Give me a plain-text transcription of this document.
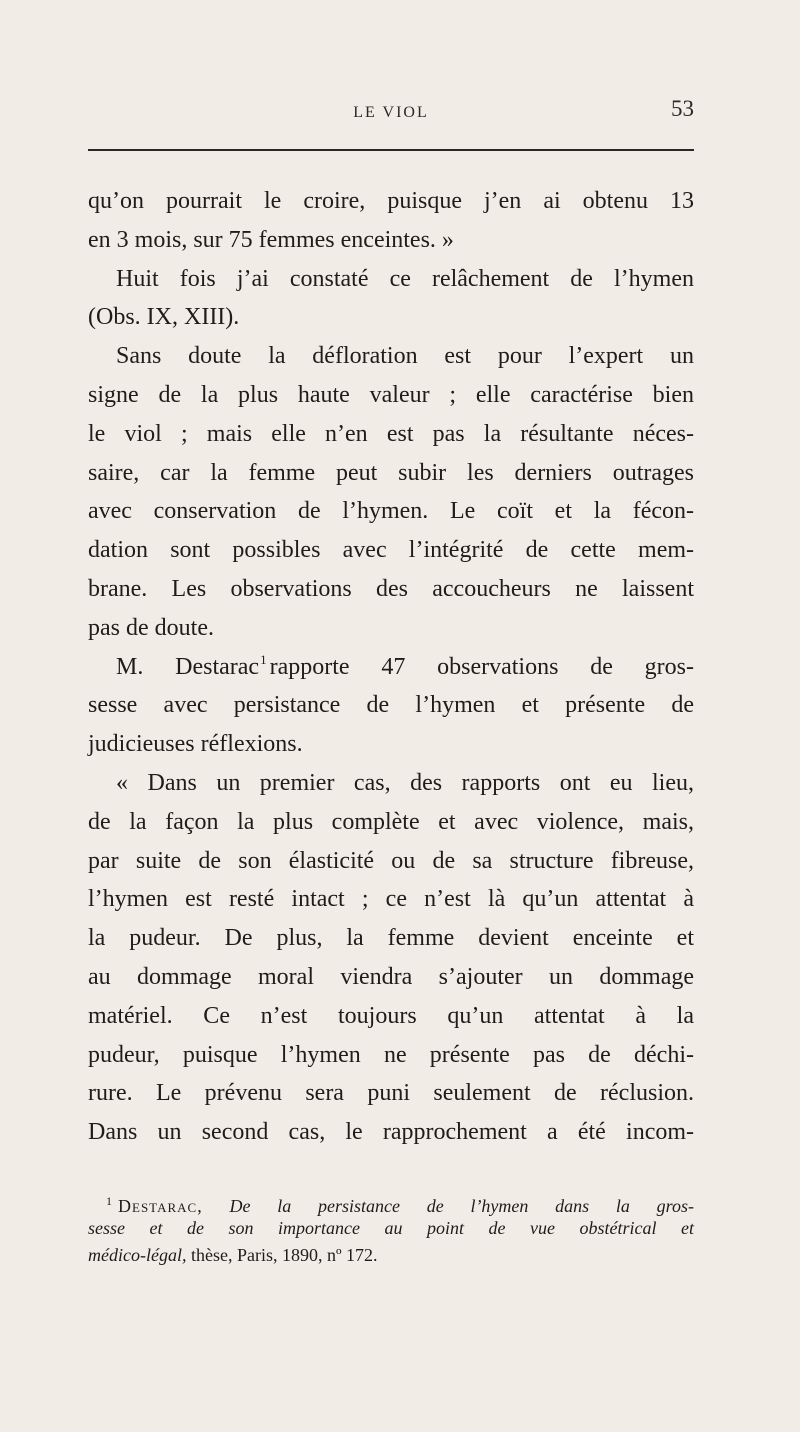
LE VIOL	53
qu’on pourrait le croire, puisque j’en ai obtenu 13
en 3 mois, sur 75 femmes enceintes. »
Huit fois j’ai constaté ce relâchement de l’hymen
(Obs. IX, XIII).
Sans doute la défloration est pour l’expert un
signe de la plus haute valeur ; elle caractérise bien
le viol ; mais elle n’en est pas la résultante néces-
saire, car la femme peut subir les derniers outrages
avec conservation de l’hymen. Le coït et la fécon-
dation sont possibles avec l’intégrité de cette mem-
brane. Les observations des accoucheurs ne laissent
pas de doute.
M. Destarac$^1$ rapporte 47 observations de gros-
sesse avec persistance de l’hymen et présente de
judicieuses réflexions.
« Dans un premier cas, des rapports ont eu lieu,
de la façon la plus complète et avec violence, mais,
par suite de son élasticité ou de sa structure fibreuse,
l’hymen est resté intact ; ce n’est là qu’un attentat à
la pudeur. De plus, la femme devient enceinte et
au dommage moral viendra s’ajouter un dommage
matériel. Ce n’est toujours qu’un attentat à la
pudeur, puisque l’hymen ne présente pas de déchi-
rure. Le prévenu sera puni seulement de réclusion.
Dans un second cas, le rapprochement a été incom-
$^1$ Destarac, De la persistance de l’hymen dans la gros-
sesse et de son importance au point de vue obstétrical et
médico-légal, thèse, Paris, 1890, nº 172.
